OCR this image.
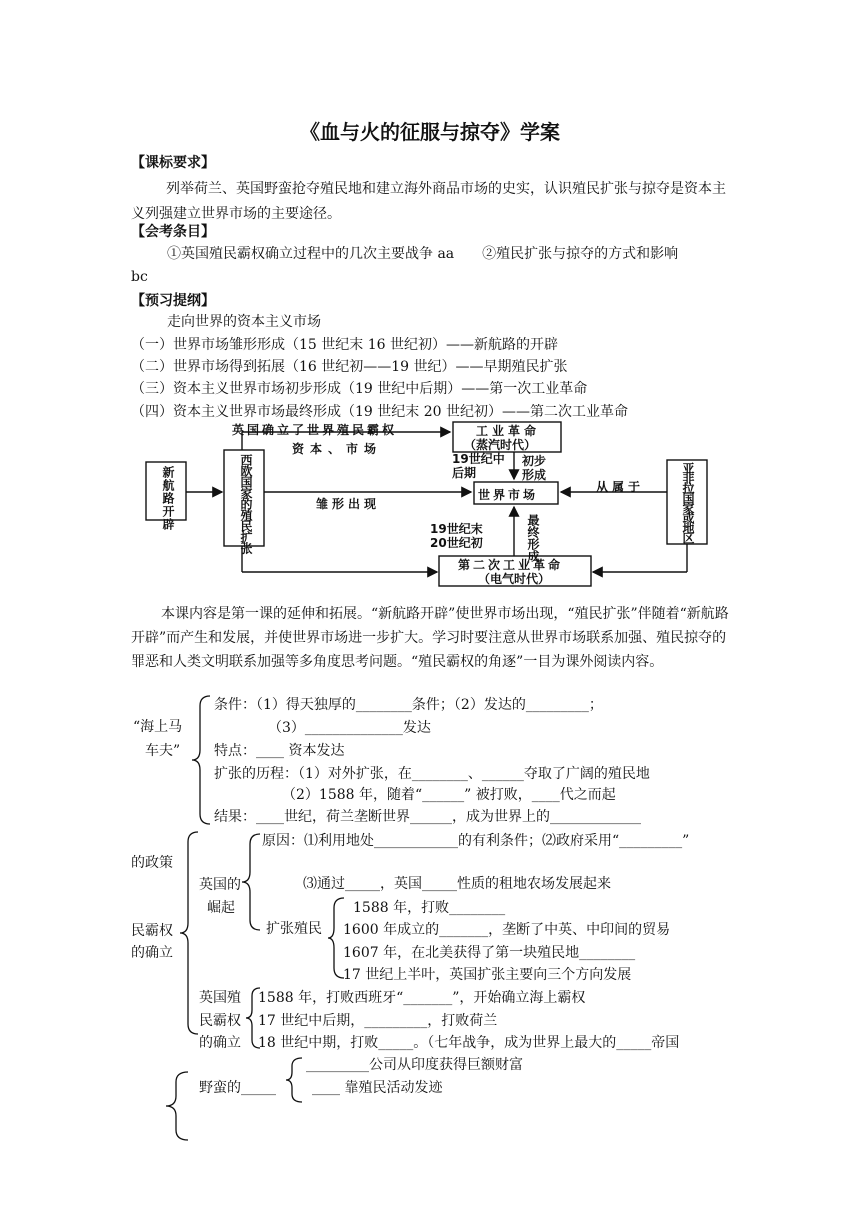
《血与火的征服与掠夺》学案
【课标要求】
列举荷兰、英国野蛮抢夺殖民地和建立海外商品市场的史实，认识殖民扩张与掠夺是资本主义列强建立世界市场的主要途径。
【会考条目】
①英国殖民霸权确立过程中的几次主要战争 aa　　②殖民扩张与掠夺的方式和影响
bc
【预习提纲】
走向世界的资本主义市场
（一）世界市场雏形形成（15 世纪末 16 世纪初）——新航路的开辟
（二）世界市场得到拓展（16 世纪初——19 世纪）——早期殖民扩张
（三）资本主义世界市场初步形成（19 世纪中后期）——第一次工业革命
（四）资本主义世界市场最终形成（19 世纪末 20 世纪初）——第二次工业革命
英国确立了世界殖民霸权
资本、市场
工业革命
（蒸汽时代）
新航路开辟	西欧国家的殖民扩张	雏形出现
世界市场
从属于	亚非拉国家或地区
19世纪中后期
初步形成
19世纪末20世纪初	最终形成
第二次工业革命
（电气时代）
本课内容是第一课的延伸和拓展。“新航路开辟”使世界市场出现，“殖民扩张”伴随着“新航路开辟”而产生和发展，并使世界市场进一步扩大。学习时要注意从世界市场联系加强、殖民掠夺的罪恶和人类文明联系加强等多角度思考问题。“殖民霸权的角逐”一目为课外阅读内容。
“海上马
车夫”
条件：（1）得天独厚的________条件；（2）发达的_________；
（3）______________发达
特点：____ 资本发达
扩张的历程：（1）对外扩张，在________、______夺取了广阔的殖民地
（2）1588 年，随着“______” 被打败，____代之而起
结果：____世纪，荷兰垄断世界______，成为世界上的_____________
的政策
民霸权
的确立
英国的
崛起
原因：⑴利用地处____________的有利条件；⑵政府采用“_________”
⑶通过_____，英国_____性质的租地农场发展起来
扩张殖民
1588 年，打败________
1600 年成立的_______，垄断了中英、中印间的贸易
1607 年，在北美获得了第一块殖民地________
17 世纪上半叶，英国扩张主要向三个方向发展
英国殖
民霸权
的确立
1588 年，打败西班牙“_______”，开始确立海上霸权
17 世纪中后期，_________，打败荷兰
18 世纪中期，打败_____。（七年战争，成为世界上最大的_____帝国
野蛮的_____
_________公司从印度获得巨额财富
____ 靠殖民活动发迹
